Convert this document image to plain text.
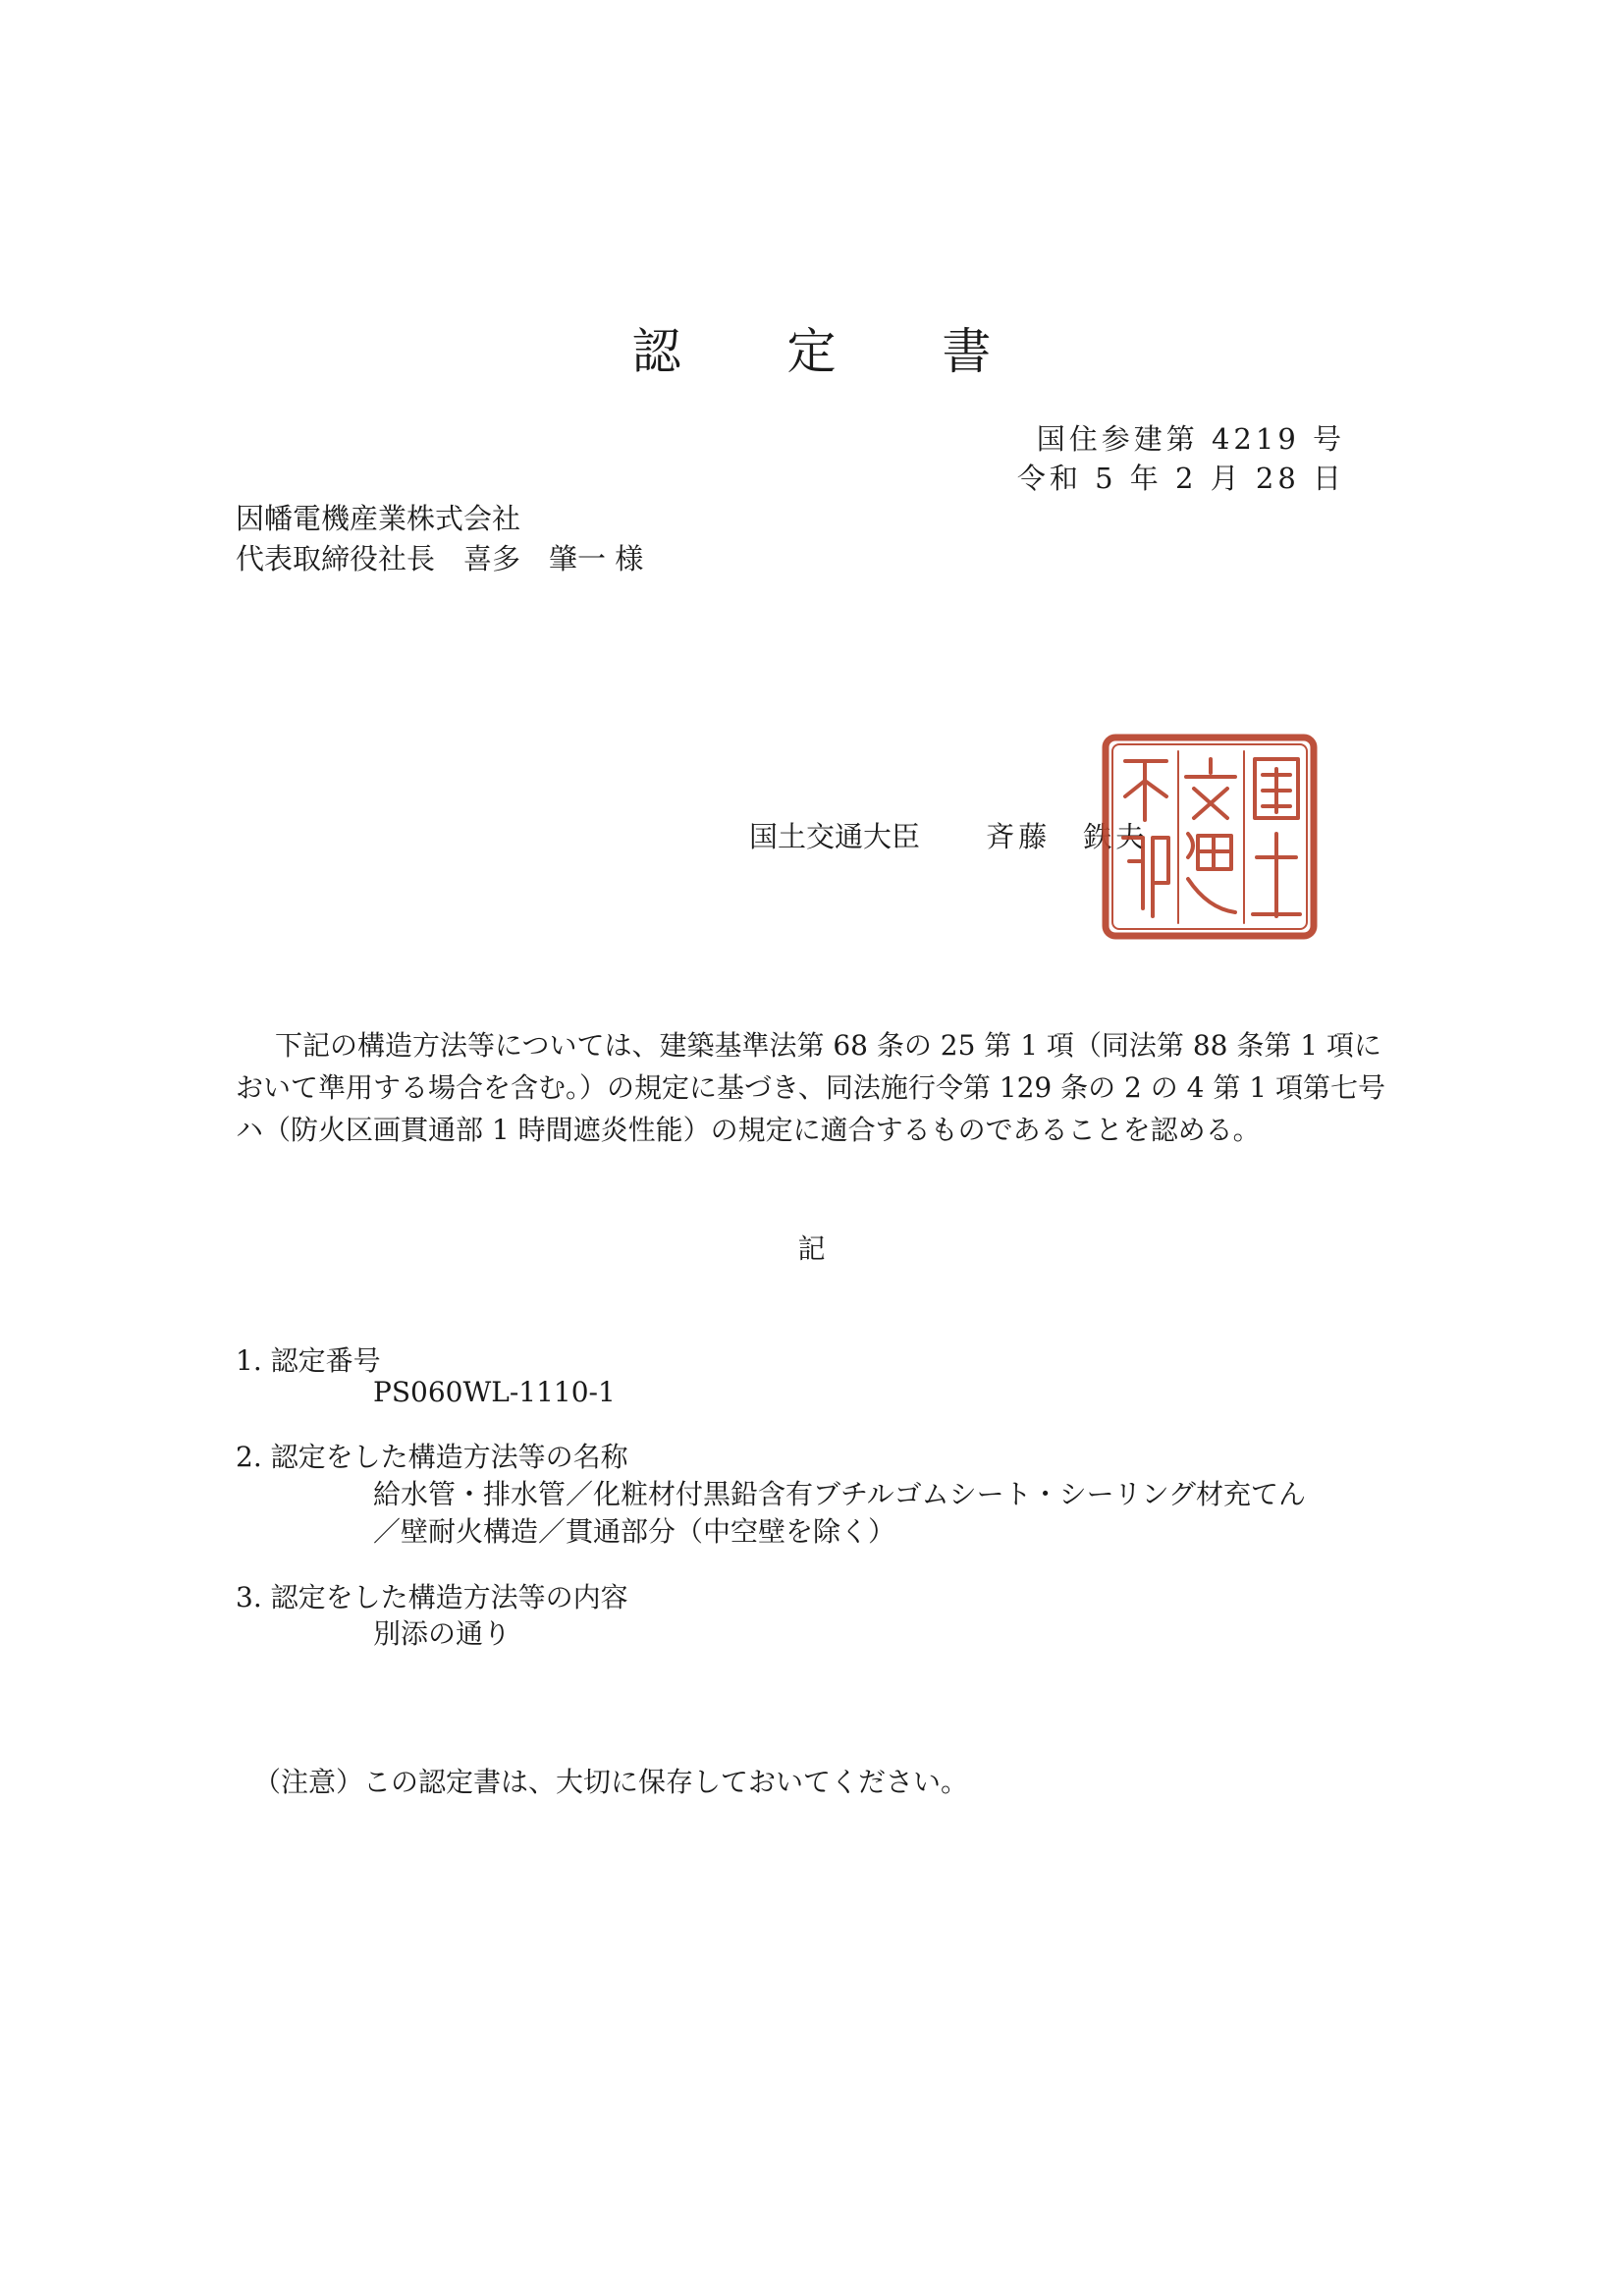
認 定 書
国住参建第 4219 号
令和 5 年 2 月 28 日
因幡電機産業株式会社
代表取締役社長　喜多　肇一 様
国土交通大臣 斉藤　鉄夫

下記の構造方法等については、建築基準法第 68 条の 25 第 1 項（同法第 88 条第 1 項において準用する場合を含む。）の規定に基づき、同法施行令第 129 条の 2 の 4 第 1 項第七号ハ（防火区画貫通部 1 時間遮炎性能）の規定に適合するものであることを認める。

記
1. 認定番号
PS060WL-1110-1
2. 認定をした構造方法等の名称
給水管・排水管／化粧材付黒鉛含有ブチルゴムシート・シーリング材充てん
／壁耐火構造／貫通部分（中空壁を除く）
3. 認定をした構造方法等の内容
別添の通り
（注意）この認定書は、大切に保存しておいてください。
